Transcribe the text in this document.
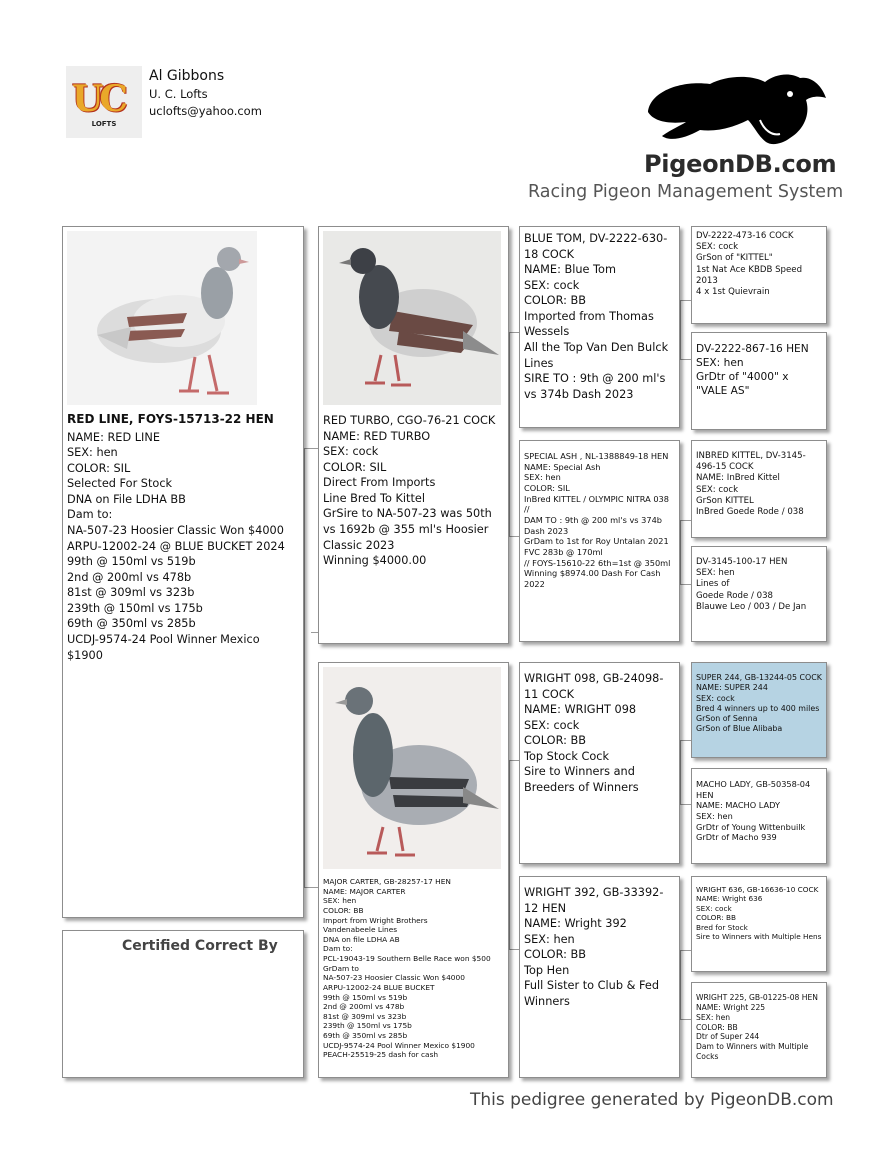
UC
LOFTS
Al Gibbons
U. C. Lofts
uclofts@yahoo.com
PigeonDB.com
Racing Pigeon Management System
RED LINE, FOYS-15713-22 HEN
NAME: RED LINE
SEX: hen
COLOR: SIL
Selected For Stock
DNA on File LDHA BB
Dam to:
NA-507-23 Hoosier Classic Won $4000
ARPU-12002-24 @ BLUE BUCKET 2024
99th @ 150ml vs 519b
2nd @ 200ml vs 478b
81st @ 309ml vs 323b
239th @ 150ml vs 175b
69th @ 350ml vs 285b
UCDJ-9574-24 Pool Winner Mexico $1900
Certified Correct By
RED TURBO, CGO-76-21 COCK
NAME: RED TURBO
SEX: cock
COLOR: SIL
Direct From Imports
Line Bred To Kittel
GrSire to NA-507-23 was 50th vs 1692b @ 355 ml's Hoosier Classic 2023
Winning $4000.00
MAJOR CARTER, GB-28257-17 HEN
NAME: MAJOR CARTER
SEX: hen
COLOR: BB
Import from Wright Brothers
Vandenabeele Lines
DNA on file LDHA AB
Dam to:
PCL-19043-19 Southern Belle Race won $500
GrDam to
NA-507-23 Hoosier Classic Won $4000
ARPU-12002-24 BLUE BUCKET
99th @ 150ml vs 519b
2nd @ 200ml vs 478b
81st @ 309ml vs 323b
239th @ 150ml vs 175b
69th @ 350ml vs 285b
UCDJ-9574-24 Pool Winner Mexico $1900
PEACH-25519-25 dash for cash
BLUE TOM, DV-2222-630-18 COCK
NAME: Blue Tom
SEX: cock
COLOR: BB
Imported from Thomas Wessels
All the Top Van Den Bulck Lines
SIRE TO : 9th @ 200 ml's vs 374b Dash 2023
SPECIAL ASH , NL-1388849-18 HEN
NAME: Special Ash
SEX: hen
COLOR: SIL
InBred KITTEL / OLYMPIC NITRA 038 //
DAM TO : 9th @ 200 ml's vs 374b Dash 2023
GrDam to 1st for Roy Untalan 2021 FVC 283b @ 170ml
// FOYS-15610-22 6th=1st @ 350ml
Winning $8974.00 Dash For Cash 2022
WRIGHT 098, GB-24098-11 COCK
NAME: WRIGHT 098
SEX: cock
COLOR: BB
Top Stock Cock
Sire to Winners and Breeders of Winners
WRIGHT 392, GB-33392-12 HEN
NAME: Wright 392
SEX: hen
COLOR: BB
Top Hen
Full Sister to Club & Fed Winners
DV-2222-473-16 COCK
SEX: cock
GrSon of "KITTEL"
1st Nat Ace KBDB Speed 2013
4 x 1st Quievrain
DV-2222-867-16 HEN
SEX: hen
GrDtr of "4000" x "VALE AS"
INBRED KITTEL, DV-3145-496-15 COCK
NAME: InBred Kittel
SEX: cock
GrSon KITTEL
InBred Goede Rode / 038
DV-3145-100-17 HEN
SEX: hen
Lines of
Goede Rode / 038
Blauwe Leo / 003 / De Jan
SUPER 244, GB-13244-05 COCK
NAME: SUPER 244
SEX: cock
Bred 4 winners up to 400 miles
GrSon of Senna
GrSon of Blue Alibaba
MACHO LADY, GB-50358-04 HEN
NAME: MACHO LADY
SEX: hen
GrDtr of Young Wittenbuilk
GrDtr of Macho 939
WRIGHT 636, GB-16636-10 COCK
NAME: Wright 636
SEX: cock
COLOR: BB
Bred for Stock
Sire to Winners with Multiple Hens
WRIGHT 225, GB-01225-08 HEN
NAME: Wright 225
SEX: hen
COLOR: BB
Dtr of Super 244
Dam to Winners with Multiple Cocks
This pedigree generated by PigeonDB.com
